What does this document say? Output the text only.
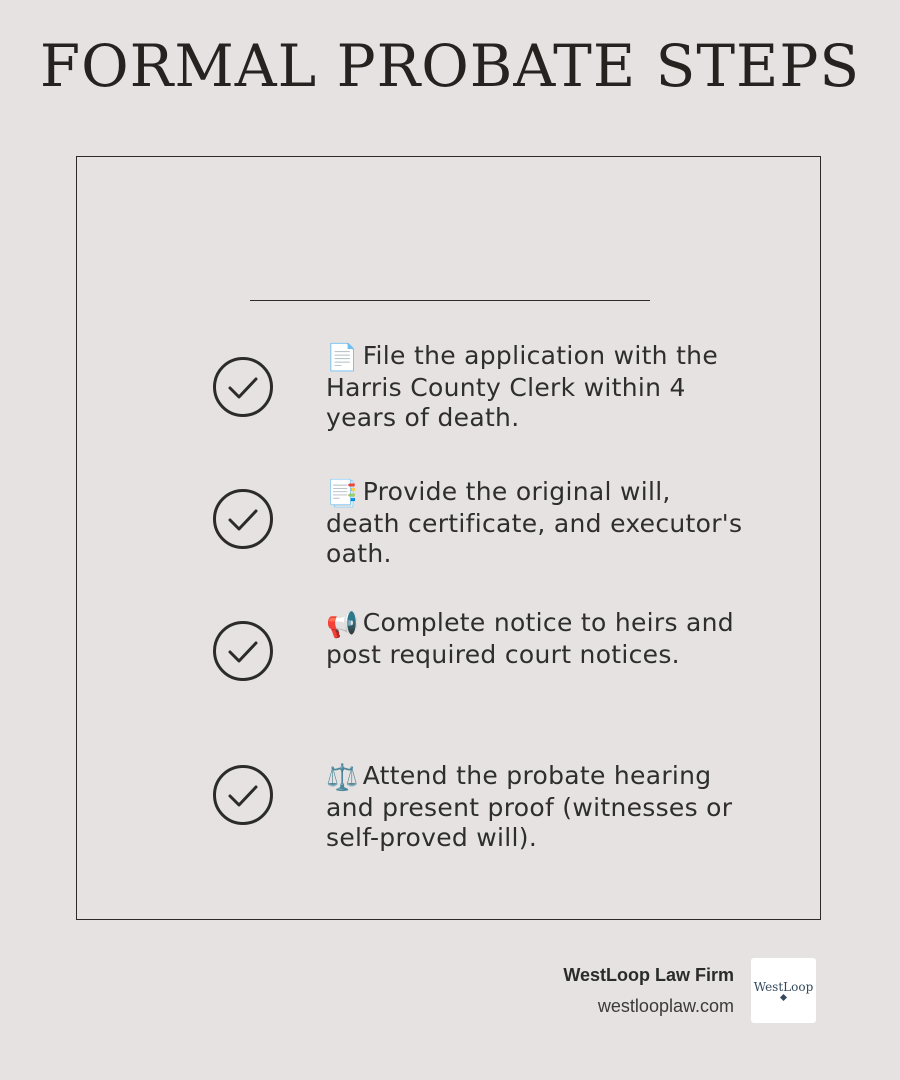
FORMAL PROBATE STEPS
📄 File the application with the Harris County Clerk within 4 years of death.
📑 Provide the original will, death certificate, and executor's oath.
📢 Complete notice to heirs and post required court notices.
⚖️ Attend the probate hearing and present proof (witnesses or self-proved will).
WestLoop Law Firm
westlooplaw.com
WestLoop
